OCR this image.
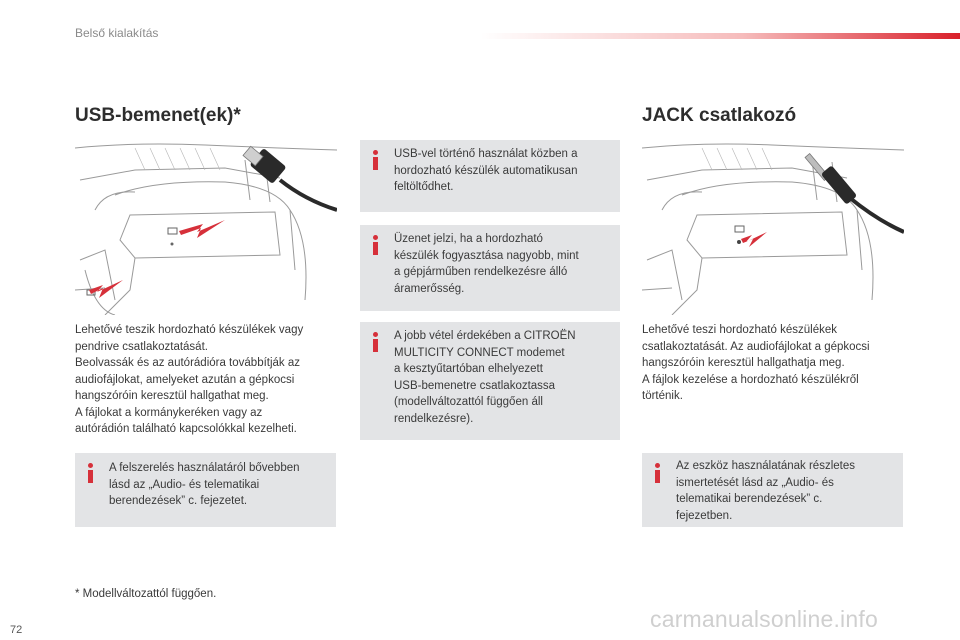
Belső kialakítás
USB-bemenet(ek)*

Lehetővé teszik hordozható készülékek vagy

pendrive csatlakoztatását.

Beolvassák és az autórádióra továbbítják az

audiofájlokat, amelyeket azután a gépkocsi

hangszóróin keresztül hallgathat meg.

A fájlokat a kormánykeréken vagy az

autórádión található kapcsolókkal kezelheti.

A felszerelés használatáról bővebben
lásd az „Audio- és telematikai
berendezések” c. fejezetet.
USB-vel történő használat közben a
hordozható készülék automatikusan
feltöltődhet.
Üzenet jelzi, ha a hordozható
készülék fogyasztása nagyobb, mint
a gépjárműben rendelkezésre álló
áramerősség.
A jobb vétel érdekében a CITROËN
MULTICITY CONNECT modemet
a kesztyűtartóban elhelyezett
USB-bemenetre csatlakoztassa
(modellváltozattól függően áll
rendelkezésre).
JACK csatlakozó

Lehetővé teszi hordozható készülékek

csatlakoztatását. Az audiofájlokat a gépkocsi

hangszóróin keresztül hallgathatja meg.

A fájlok kezelése a hordozható készülékről

történik.

Az eszköz használatának részletes
ismertetését lásd az „Audio- és
telematikai berendezések” c.
fejezetben.
* Modellváltozattól függően.
72	carmanualsonline.info
